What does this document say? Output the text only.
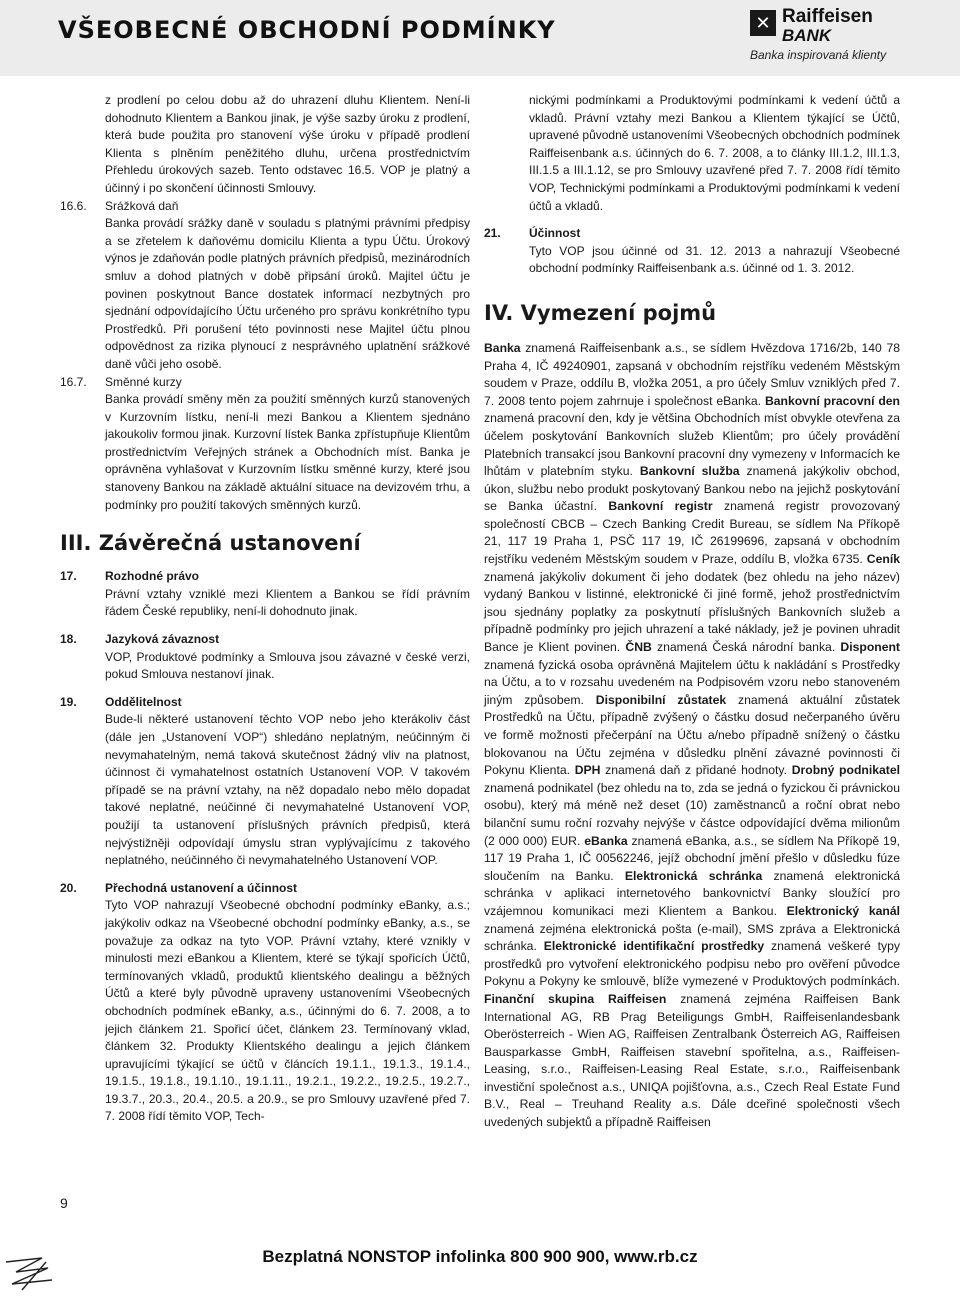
VŠEOBECNÉ OBCHODNÍ PODMÍNKY	✕ Raiffeisen
BANK
Banka inspirovaná klienty

z prodlení po celou dobu až do uhrazení dluhu Klientem. Není-li dohodnuto Klientem a Bankou jinak, je výše sazby úroku z prodlení, která bude použita pro stanovení výše úroku v případě prodlení Klienta s plněním peněžitého dluhu, určena prostřednictvím Přehledu úrokových sazeb. Tento odstavec 16.5. VOP je platný a účinný i po skončení účinnosti Smlouvy.

16.6. Srážková daň

Banka provádí srážky daně v souladu s platnými právními předpisy a se zřetelem k daňovému domicilu Klienta a typu Účtu. Úrokový výnos je zdaňován podle platných právních předpisů, mezinárodních smluv a dohod platných v době připsání úroků. Majitel účtu je povinen poskytnout Bance dostatek informací nezbytných pro sjednání odpovídajícího Účtu určeného pro správu konkrétního typu Prostředků. Při porušení této povinnosti nese Majitel účtu plnou odpovědnost za rizika plynoucí z nesprávného uplatnění srážkové daně vůči jeho osobě.

16.7. Směnné kurzy

Banka provádí směny měn za použití směnných kurzů stanovených v Kurzovním lístku, není-li mezi Bankou a Klientem sjednáno jakoukoliv formou jinak. Kurzovní lístek Banka zpřístupňuje Klientům prostřednictvím Veřejných stránek a Obchodních míst. Banka je oprávněna vyhlašovat v Kurzovním lístku směnné kurzy, které jsou stanoveny Bankou na základě aktuální situace na devizovém trhu, a podmínky pro použití takových směnných kurzů.

III. Závěrečná ustanovení

17. Rozhodné právo

Právní vztahy vzniklé mezi Klientem a Bankou se řídí právním řádem České republiky, není-li dohodnuto jinak.

18. Jazyková závaznost

VOP, Produktové podmínky a Smlouva jsou závazné v české verzi, pokud Smlouva nestanoví jinak.

19. Oddělitelnost

Bude-li některé ustanovení těchto VOP nebo jeho kterákoliv část (dále jen „Ustanovení VOP“) shledáno neplatným, neúčinným či nevymahatelným, nemá taková skutečnost žádný vliv na platnost, účinnost či vymahatelnost ostatních Ustanovení VOP. V takovém případě se na právní vztahy, na něž dopadalo nebo mělo dopadat takové neplatné, neúčinné či nevymahatelné Ustanovení VOP, použijí ta ustanovení příslušných právních předpisů, která nejvýstižněji odpovídají úmyslu stran vyplývajícímu z takového neplatného, neúčinného či nevymahatelného Ustanovení VOP.

20. Přechodná ustanovení a účinnost

Tyto VOP nahrazují Všeobecné obchodní podmínky eBanky, a.s.; jakýkoliv odkaz na Všeobecné obchodní podmínky eBanky, a.s., se považuje za odkaz na tyto VOP. Právní vztahy, které vznikly v minulosti mezi eBankou a Klientem, které se týkají spořicích Účtů, termínovaných vkladů, produktů klientského dealingu a běžných Účtů a které byly původně upraveny ustanoveními Všeobecných obchodních podmínek eBanky, a.s., účinnými do 6. 7. 2008, a to jejich článkem 21. Spořicí účet, článkem 23. Termínovaný vklad, článkem 32. Produkty Klientského dealingu a jejich článkem upravujícími týkající se účtů v článcích 19.1.1., 19.1.3., 19.1.4., 19.1.5., 19.1.8., 19.1.10., 19.1.11., 19.2.1., 19.2.2., 19.2.5., 19.2.7., 19.3.7., 20.3., 20.4., 20.5. a 20.9., se pro Smlouvy uzavřené před 7. 7. 2008 řídí těmito VOP, Tech-

nickými podmínkami a Produktovými podmínkami k vedení účtů a vkladů. Právní vztahy mezi Bankou a Klientem týkající se Účtů, upravené původně ustanoveními Všeobecných obchodních podmínek Raiffeisenbank a.s. účinných do 6. 7. 2008, a to články III.1.2, III.1.3, III.1.5 a III.1.12, se pro Smlouvy uzavřené před 7. 7. 2008 řídí těmito VOP, Technickými podmínkami a Produktovými podmínkami k vedení účtů a vkladů.

21. Účinnost

Tyto VOP jsou účinné od 31. 12. 2013 a nahrazují Všeobecné obchodní podmínky Raiffeisenbank a.s. účinné od 1. 3. 2012.

IV. Vymezení pojmů

Banka znamená Raiffeisenbank a.s., se sídlem Hvězdova 1716/2b, 140 78 Praha 4, IČ 49240901, zapsaná v obchodním rejstříku vedeném Městským soudem v Praze, oddílu B, vložka 2051, a pro účely Smluv vzniklých před 7. 7. 2008 tento pojem zahrnuje i společnost eBanka. Bankovní pracovní den znamená pracovní den, kdy je většina Obchodních míst obvykle otevřena za účelem poskytování Bankovních služeb Klientům; pro účely provádění Platebních transakcí jsou Bankovní pracovní dny vymezeny v Informacích ke lhůtám v platebním styku. Bankovní služba znamená jakýkoliv obchod, úkon, službu nebo produkt poskytovaný Bankou nebo na jejichž poskytování se Banka účastní. Bankovní registr znamená registr provozovaný společností CBCB – Czech Banking Credit Bureau, se sídlem Na Příkopě 21, 117 19 Praha 1, PSČ 117 19, IČ 26199696, zapsaná v obchodním rejstříku vedeném Městským soudem v Praze, oddílu B, vložka 6735. Ceník znamená jakýkoliv dokument či jeho dodatek (bez ohledu na jeho název) vydaný Bankou v listinné, elektronické či jiné formě, jehož prostřednictvím jsou sjednány poplatky za poskytnutí příslušných Bankovních služeb a případně podmínky pro jejich uhrazení a také náklady, jež je povinen uhradit Bance je Klient povinen. ČNB znamená Česká národní banka. Disponent znamená fyzická osoba oprávněná Majitelem účtu k nakládání s Prostředky na Účtu, a to v rozsahu uvedeném na Podpisovém vzoru nebo stanoveném jiným způsobem. Disponibilní zůstatek znamená aktuální zůstatek Prostředků na Účtu, případně zvýšený o částku dosud nečerpaného úvěru ve formě možnosti přečerpání na Účtu a/nebo případně snížený o částku blokovanou na Účtu zejména v důsledku plnění závazné povinnosti či Pokynu Klienta. DPH znamená daň z přidané hodnoty. Drobný podnikatel znamená podnikatel (bez ohledu na to, zda se jedná o fyzickou či právnickou osobu), který má méně než deset (10) zaměstnanců a roční obrat nebo bilanční sumu roční rozvahy nejvýše v částce odpovídající dvěma milionům (2 000 000) EUR. eBanka znamená eBanka, a.s., se sídlem Na Příkopě 19, 117 19 Praha 1, IČ 00562246, jejíž obchodní jmění přešlo v důsledku fúze sloučením na Banku. Elektronická schránka znamená elektronická schránka v aplikaci internetového bankovnictví Banky sloužící pro vzájemnou komunikaci mezi Klientem a Bankou. Elektronický kanál znamená zejména elektronická pošta (e-mail), SMS zpráva a Elektronická schránka. Elektronické identifikační prostředky znamená veškeré typy prostředků pro vytvoření elektronického podpisu nebo pro ověření původce Pokynu a Pokyny ke smlouvě, blíže vymezené v Produktových podmínkách. Finanční skupina Raiffeisen znamená zejména Raiffeisen Bank International AG, RB Prag Beteiligungs GmbH, Raiffeisenlandesbank Oberösterreich - Wien AG, Raiffeisen Zentralbank Österreich AG, Raiffeisen Bausparkasse GmbH, Raiffeisen stavební spořitelna, a.s., Raiffeisen-Leasing, s.r.o., Raiffeisen-Leasing Real Estate, s.r.o., Raiffeisenbank investiční společnost a.s., UNIQA pojišťovna, a.s., Czech Real Estate Fund B.V., Real – Treuhand Reality a.s. Dále dceřiné společnosti všech uvedených subjektů a případně Raiffeisen

9
Bezplatná NONSTOP infolinka 800 900 900, www.rb.cz
